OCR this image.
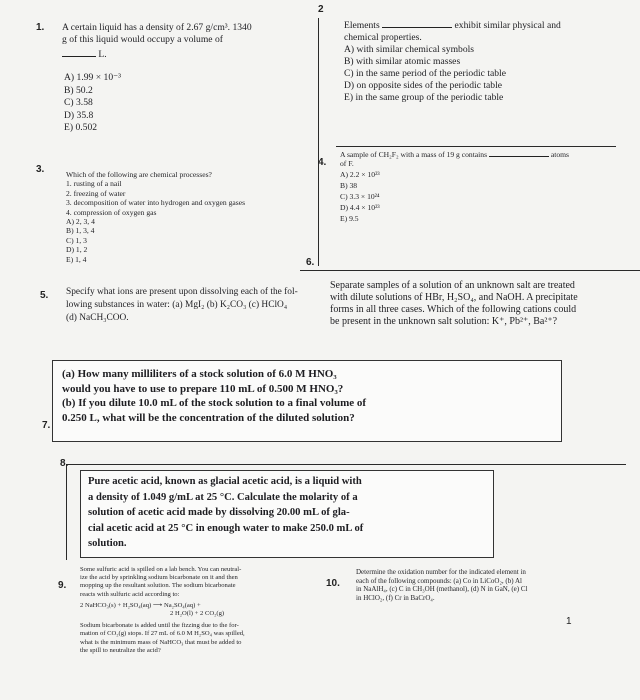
2
1. A certain liquid has a density of 2.67 g/cm³. 1340
g of this liquid would occupy a volume of
L.
A) 1.99 × 10⁻³
B) 50.2
C) 3.58
D) 35.8
E) 0.502
Elements	exhibit similar physical and
chemical properties.
A) with similar chemical symbols
B) with similar atomic masses
C) in the same period of the periodic table
D) on opposite sides of the periodic table
E) in the same group of the periodic table
3.	Which of the following are chemical processes?
1. rusting of a nail
2. freezing of water
3. decomposition of water into hydrogen and oxygen gases
4. compression of oxygen gas
A) 2, 3, 4
B) 1, 3, 4
C) 1, 3
D) 1, 2
E) 1, 4
4.
A sample of CH₂F₂ with a mass of 19 g contains	atoms
of F.
A) 2.2 × 10²³
B) 38
C) 3.3 × 10²⁴
D) 4.4 × 10²³
E) 9.5
5. Specify what ions are present upon dissolving each of the fol-
lowing substances in water: (a) MgI₂ (b) K₂CO₃ (c) HClO₄
(d) NaCH₃COO.
6.
Separate samples of a solution of an unknown salt are treated
with dilute solutions of HBr, H₂SO₄, and NaOH. A precipitate
forms in all three cases. Which of the following cations could
be present in the unknown salt solution: K⁺, Pb²⁺, Ba²⁺?
7.
(a) How many milliliters of a stock solution of 6.0 M HNO₃
would you have to use to prepare 110 mL of 0.500 M HNO₃?
(b) If you dilute 10.0 mL of the stock solution to a final volume of
0.250 L, what will be the concentration of the diluted solution?
8.
Pure acetic acid, known as glacial acetic acid, is a liquid with
a density of 1.049 g/mL at 25 °C. Calculate the molarity of a
solution of acetic acid made by dissolving 20.00 mL of gla-
cial acetic acid at 25 °C in enough water to make 250.0 mL of
solution.
9.
Some sulfuric acid is spilled on a lab bench. You can neutral-
ize the acid by sprinkling sodium bicarbonate on it and then
mopping up the resultant solution. The sodium bicarbonate
reacts with sulfuric acid according to:
2 NaHCO₃(s) + H₂SO₄(aq) ⟶ Na₂SO₄(aq) +
2 H₂O(l) + 2 CO₂(g)
Sodium bicarbonate is added until the fizzing due to the for-
mation of CO₂(g) stops. If 27 mL of 6.0 M H₂SO₄ was spilled,
what is the minimum mass of NaHCO₃ that must be added to
the spill to neutralize the acid?
10.
Determine the oxidation number for the indicated element in
each of the following compounds: (a) Co in LiCoO₂, (b) Al
in NaAlH₄, (c) C in CH₃OH (methanol), (d) N in GaN, (e) Cl
in HClO₂, (f) Cr in BaCrO₄.
1
